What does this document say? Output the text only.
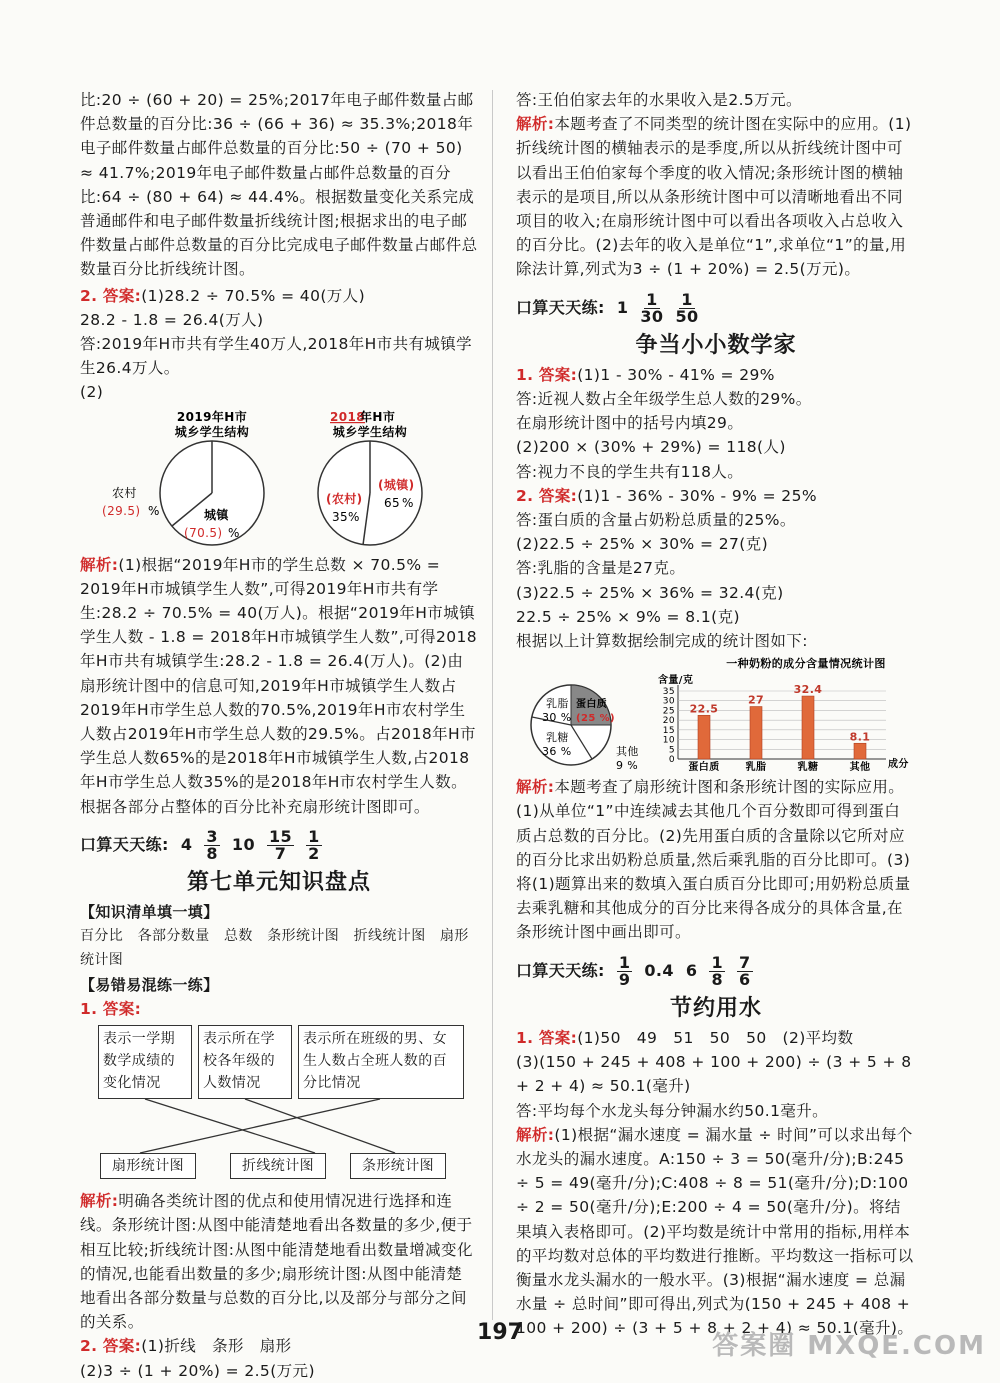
比:20 ÷ (60 + 20) = 25%;2017年电子邮件数量占邮件总数量的百分比:36 ÷ (66 + 36) ≈ 35.3%;2018年电子邮件数量占邮件总数量的百分比:50 ÷ (70 + 50) ≈ 41.7%;2019年电子邮件数量占邮件总数量的百分比:64 ÷ (80 + 64) ≈ 44.4%。根据数量变化关系完成普通邮件和电子邮件数量折线统计图;根据求出的电子邮件数量占邮件总数量的百分比完成电子邮件数量占邮件总数量百分比折线统计图。

2. 答案:(1)28.2 ÷ 70.5% = 40(万人)

28.2 - 1.8 = 26.4(万人)

答:2019年H市共有学生40万人,2018年H市共有城镇学生26.4万人。

(2)

2019年H市
城乡学生结构
农村
(29.5) %	城镇
(70.5) %
2018
年H市
城乡学生结构
(农村)
35 %
(城镇)
65 %

解析:(1)根据“2019年H市的学生总数 × 70.5% = 2019年H市城镇学生人数”,可得2019年H市共有学生:28.2 ÷ 70.5% = 40(万人)。根据“2019年H市城镇学生人数 - 1.8 = 2018年H市城镇学生人数”,可得2018年H市共有城镇学生:28.2 - 1.8 = 26.4(万人)。(2)由扇形统计图中的信息可知,2019年H市城镇学生人数占2019年H市学生总人数的70.5%,2019年H市农村学生人数占2019年H市学生总人数的29.5%。占2018年H市学生总人数65%的是2018年H市城镇学生人数,占2018年H市学生总人数35%的是2018年H市农村学生人数。根据各部分占整体的百分比补充扇形统计图即可。

口算天天练: $4 \frac{3}{8} 10 \frac{15}{7} \frac{1}{2}$
第七单元知识盘点

【知识清单填一填】

百分比　各部分数量　总数　条形统计图　折线统计图　扇形统计图

【易错易混练一练】

1. 答案:

表示一学期数学成绩的变化情况
表示所在学校各年级的人数情况
表示所在班级的男、女生人数占全班人数的百分比情况
扇形统计图	折线统计图	条形统计图

解析:明确各类统计图的优点和使用情况进行选择和连线。条形统计图:从图中能清楚地看出各数量的多少,便于相互比较;折线统计图:从图中能清楚地看出数量增减变化的情况,也能看出数量的多少;扇形统计图:从图中能清楚地看出各部分数量与总数的百分比,以及部分与部分之间的关系。

2. 答案:(1)折线　条形　扇形

(2)3 ÷ (1 + 20%) = 2.5(万元)

答:王伯伯家去年的水果收入是2.5万元。

解析:本题考查了不同类型的统计图在实际中的应用。(1)折线统计图的横轴表示的是季度,所以从折线统计图中可以看出王伯伯家每个季度的收入情况;条形统计图的横轴表示的是项目,所以从条形统计图中可以清晰地看出不同项目的收入;在扇形统计图中可以看出各项收入占总收入的百分比。(2)去年的收入是单位“1”,求单位“1”的量,用除法计算,列式为3 ÷ (1 + 20%) = 2.5(万元)。

口算天天练: $1 \frac{1}{30} \frac{1}{50}$
争当小小数学家

1. 答案:(1)1 - 30% - 41% = 29%

答:近视人数占全年级学生总人数的29%。

在扇形统计图中的括号内填29。

(2)200 × (30% + 29%) = 118(人)

答:视力不良的学生共有118人。

2. 答案:(1)1 - 36% - 30% - 9% = 25%

答:蛋白质的含量占奶粉总质量的25%。

(2)22.5 ÷ 25% × 30% = 27(克)

答:乳脂的含量是27克。

(3)22.5 ÷ 25% × 36% = 32.4(克)

22.5 ÷ 25% × 9% = 8.1(克)

根据以上计算数据绘制完成的统计图如下:

一种奶粉的成分含量情况统计图
乳脂
30 %
蛋白质
(25 %)
乳糖
36 %	其他
9 %
含量/克
成分
0
5
10
15
20
25
30
35
22.5
蛋白质
27
乳脂
32.4
乳糖
8.1
其他

解析:本题考查了扇形统计图和条形统计图的实际应用。(1)从单位“1”中连续减去其他几个百分数即可得到蛋白质占总数的百分比。(2)先用蛋白质的含量除以它所对应的百分比求出奶粉总质量,然后乘乳脂的百分比即可。(3)将(1)题算出来的数填入蛋白质百分比即可;用奶粉总质量去乘乳糖和其他成分的百分比来得各成分的具体含量,在条形统计图中画出即可。

口算天天练: $\frac{1}{9} 0.4$ $6 \frac{1}{8} \frac{7}{6}$
节约用水

1. 答案:(1)50　49　51　50　50　(2)平均数

(3)(150 + 245 + 408 + 100 + 200) ÷ (3 + 5 + 8 + 2 + 4) ≈ 50.1(毫升)

答:平均每个水龙头每分钟漏水约50.1毫升。

解析:(1)根据“漏水速度 = 漏水量 ÷ 时间”可以求出每个水龙头的漏水速度。A:150 ÷ 3 = 50(毫升/分);B:245 ÷ 5 = 49(毫升/分);C:408 ÷ 8 = 51(毫升/分);D:100 ÷ 2 = 50(毫升/分);E:200 ÷ 4 = 50(毫升/分)。将结果填入表格即可。(2)平均数是统计中常用的指标,用样本的平均数对总体的平均数进行推断。平均数这一指标可以衡量水龙头漏水的一般水平。(3)根据“漏水速度 = 总漏水量 ÷ 总时间”即可得出,列式为(150 + 245 + 408 + 100 + 200) ÷ (3 + 5 + 8 + 2 + 4) ≈ 50.1(毫升)。

197	答案圈 MXQE.COM
